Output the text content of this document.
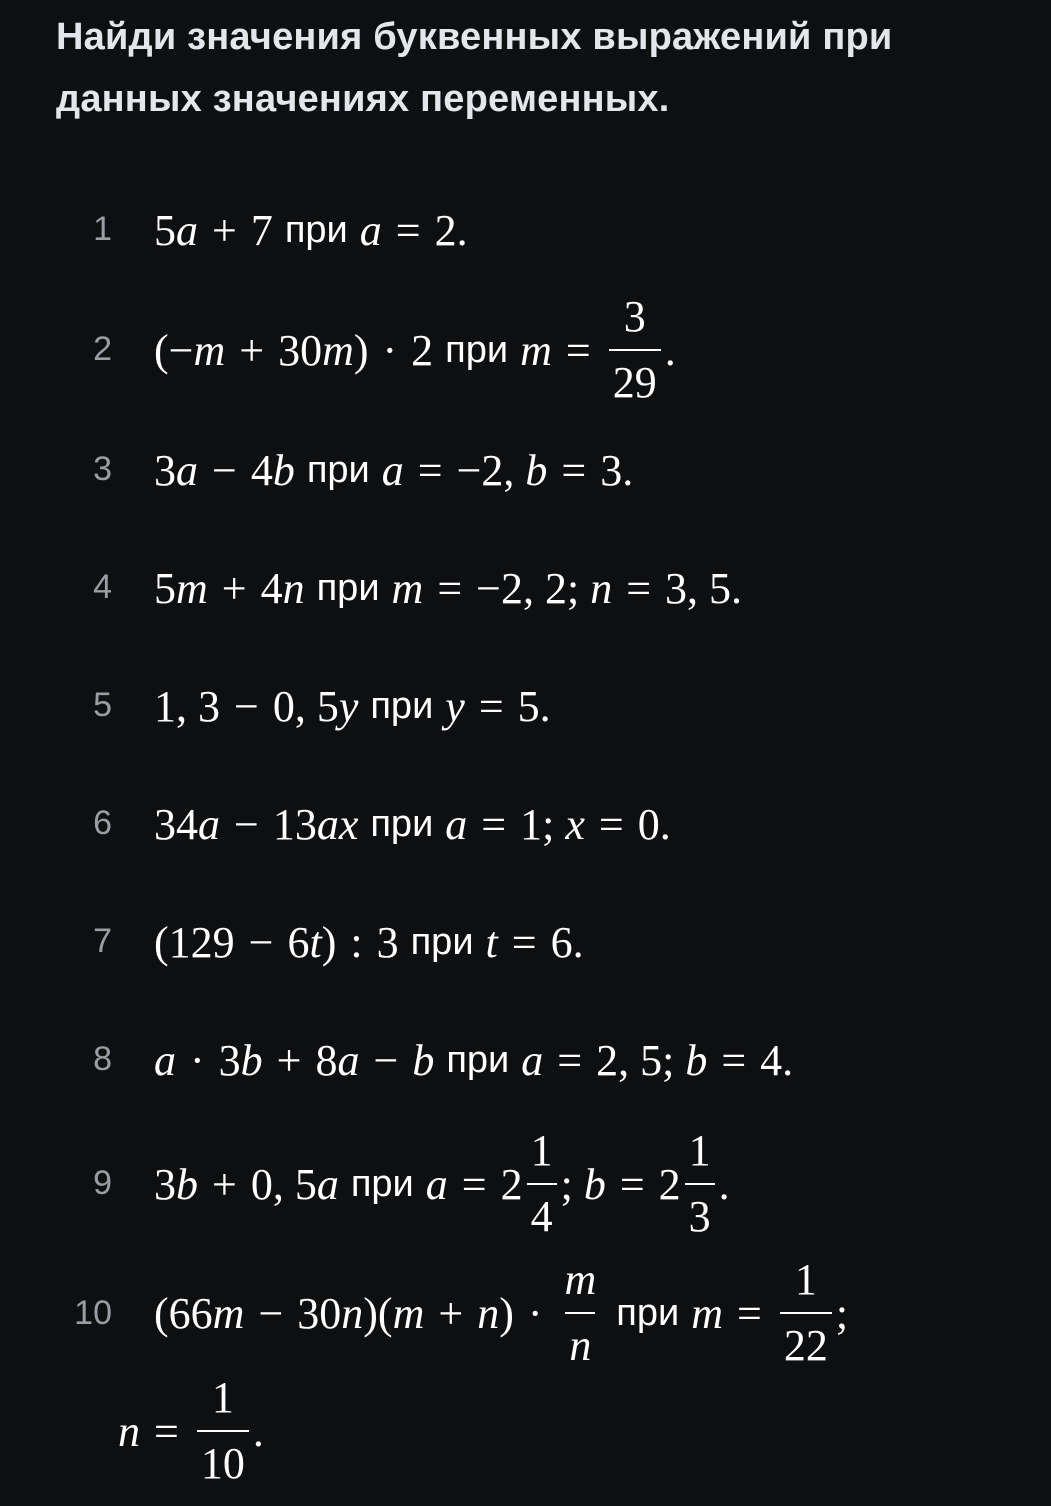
Найди значения буквенных выражений при данных значениях переменных.
1 5 a + 7 при a = 2.
2 (− m + 30 m ) · 2 при $m = \frac{3}{29}$ .
3 3 a − 4 b при a = −2,
b = 3.
4 5 m + 4 n при m = −2, 2;
n = 3, 5.
5 1, 3 − 0, 5 y при y = 5.
6 34 a − 13 ax при a = 1;
x = 0.
7 (129 − 6 t ) : 3 при t = 6.
8 a · 3 b + 8 a − b при a = 2, 5;
b = 4.
9 3 b + 0, 5 a при $a = 2 \frac{1}{4}$ ;
$b = 2 \frac{1}{3}$ .
10 (66 m − 30 n )( m + n ) · $\frac{m}{n}$ при $m = \frac{1}{22}$ ;
$n = \frac{1}{10}$ .
